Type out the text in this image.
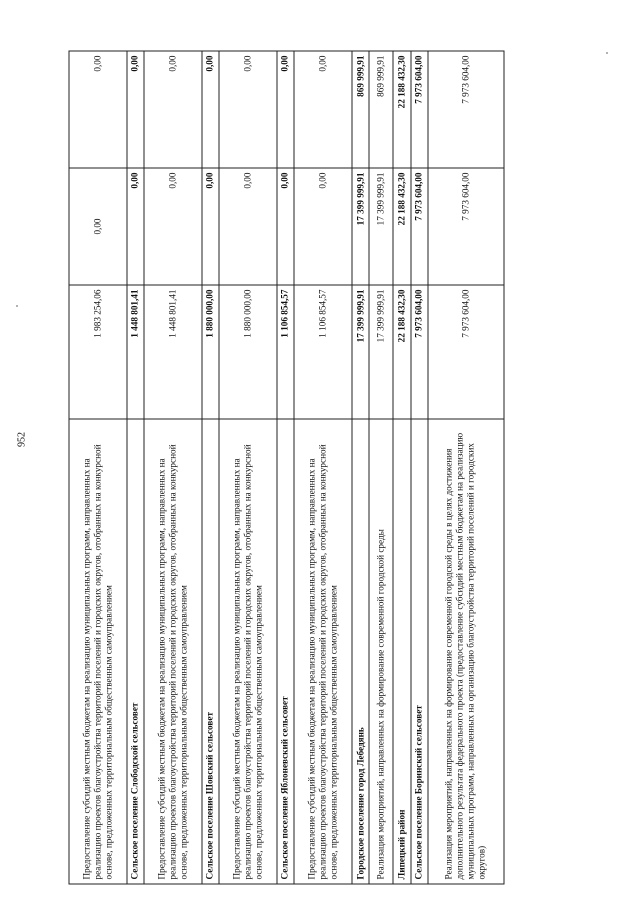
952
Предоставление субсидий местным бюджетам на реализацию муниципальных программ, направленных на реализацию проектов благоустройства территорий поселений и городских округов, отобранных на конкурсной основе, предложенных территориальным общественным самоуправлением	1 983 254,06	0,00	0,00
Сельское поселение Слободской сельсовет	1 448 801,41	0,00	0,00
Предоставление субсидий местным бюджетам на реализацию муниципальных программ, направленных на реализацию проектов благоустройства территорий поселений и городских округов, отобранных на конкурсной основе, предложенных территориальным общественным самоуправлением	1 448 801,41	0,00	0,00
Сельское поселение Шовский сельсовет	1 880 000,00	0,00	0,00
Предоставление субсидий местным бюджетам на реализацию муниципальных программ, направленных на реализацию проектов благоустройства территорий поселений и городских округов, отобранных на конкурсной основе, предложенных территориальным общественным самоуправлением	1 880 000,00	0,00	0,00
Сельское поселение Яблоневский сельсовет	1 106 854,57	0,00	0,00
Предоставление субсидий местным бюджетам на реализацию муниципальных программ, направленных на реализацию проектов благоустройства территорий поселений и городских округов, отобранных на конкурсной основе, предложенных территориальным общественным самоуправлением	1 106 854,57	0,00	0,00
Городское поселение город Лебедянь	17 399 999,91	17 399 999,91	869 999,91
Реализация мероприятий, направленных на формирование современной городской среды	17 399 999,91	17 399 999,91	869 999,91
Липецкий район	22 188 432,30	22 188 432,30	22 188 432,30
Сельское поселение Боринский сельсовет	7 973 604,00	7 973 604,00	7 973 604,00
Реализация мероприятий, направленных на формирование современной городской среды в целях достижения дополнительного результата федерального проекта (предоставление субсидий местным бюджетам на реализацию муниципальных программ, направленных на организацию благоустройства территорий поселений и городских округов)	7 973 604,00	7 973 604,00	7 973 604,00
